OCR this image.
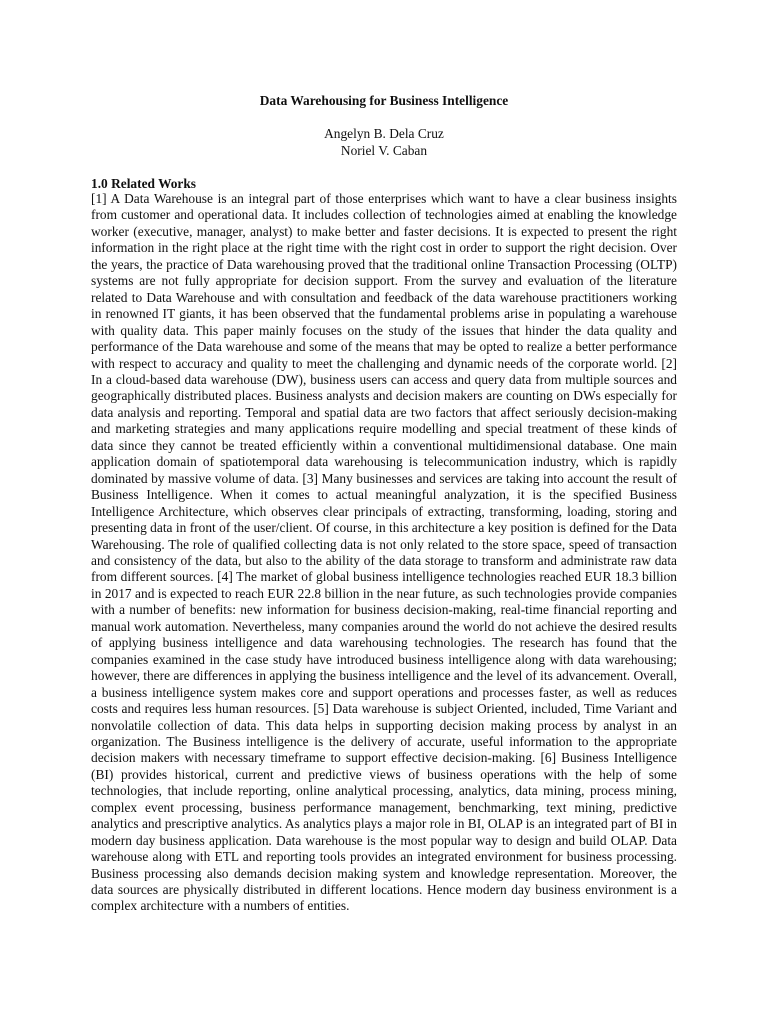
Data Warehousing for Business Intelligence
Angelyn B. Dela Cruz
Noriel V. Caban
1.0 Related Works
[1] A Data Warehouse is an integral part of those enterprises which want to have a clear business insights from customer and operational data. It includes collection of technologies aimed at enabling the knowledge worker (executive, manager, analyst) to make better and faster decisions. It is expected to present the right information in the right place at the right time with the right cost in order to support the right decision. Over the years, the practice of Data warehousing proved that the traditional online Transaction Processing (OLTP) systems are not fully appropriate for decision support. From the survey and evaluation of the literature related to Data Warehouse and with consultation and feedback of the data warehouse practitioners working in renowned IT giants, it has been observed that the fundamental problems arise in populating a warehouse with quality data. This paper mainly focuses on the study of the issues that hinder the data quality and performance of the Data warehouse and some of the means that may be opted to realize a better performance with respect to accuracy and quality to meet the challenging and dynamic needs of the corporate world. [2] In a cloud-based data warehouse (DW), business users can access and query data from multiple sources and geographically distributed places. Business analysts and decision makers are counting on DWs especially for data analysis and reporting. Temporal and spatial data are two factors that affect seriously decision-making and marketing strategies and many applications require modelling and special treatment of these kinds of data since they cannot be treated efficiently within a conventional multidimensional database. One main application domain of spatiotemporal data warehousing is telecommunication industry, which is rapidly dominated by massive volume of data. [3] Many businesses and services are taking into account the result of Business Intelligence. When it comes to actual meaningful analyzation, it is the specified Business Intelligence Architecture, which observes clear principals of extracting, transforming, loading, storing and presenting data in front of the user/client. Of course, in this architecture a key position is defined for the Data Warehousing. The role of qualified collecting data is not only related to the store space, speed of transaction and consistency of the data, but also to the ability of the data storage to transform and administrate raw data from different sources. [4] The market of global business intelligence technologies reached EUR 18.3 billion in 2017 and is expected to reach EUR 22.8 billion in the near future, as such technologies provide companies with a number of benefits: new information for business decision-making, real-time financial reporting and manual work automation. Nevertheless, many companies around the world do not achieve the desired results of applying business intelligence and data warehousing technologies. The research has found that the companies examined in the case study have introduced business intelligence along with data warehousing; however, there are differences in applying the business intelligence and the level of its advancement. Overall, a business intelligence system makes core and support operations and processes faster, as well as reduces costs and requires less human resources. [5] Data warehouse is subject Oriented, included, Time Variant and nonvolatile collection of data. This data helps in supporting decision making process by analyst in an organization. The Business intelligence is the delivery of accurate, useful information to the appropriate decision makers with necessary timeframe to support effective decision-making. [6] Business Intelligence (BI) provides historical, current and predictive views of business operations with the help of some technologies, that include reporting, online analytical processing, analytics, data mining, process mining, complex event processing, business performance management, benchmarking, text mining, predictive analytics and prescriptive analytics. As analytics plays a major role in BI, OLAP is an integrated part of BI in modern day business application. Data warehouse is the most popular way to design and build OLAP. Data warehouse along with ETL and reporting tools provides an integrated environment for business processing. Business processing also demands decision making system and knowledge representation. Moreover, the data sources are physically distributed in different locations. Hence modern day business environment is a complex architecture with a numbers of entities.
